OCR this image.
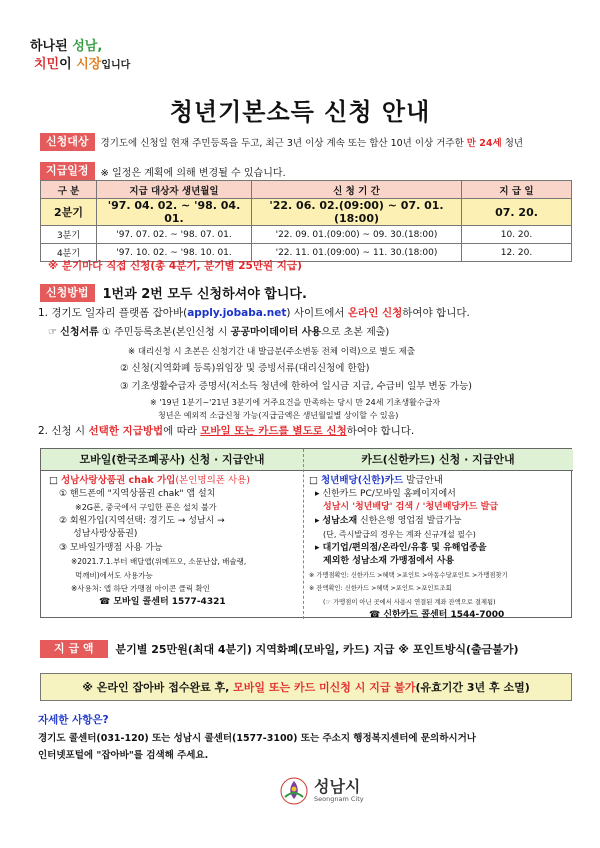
하나된 성남,
치민이 시장입니다
청년기본소득 신청 안내
신청대상	경기도에 신청일 현재 주민등록을 두고, 최근 3년 이상 계속 또는 합산 10년 이상 거주한 만 24세 청년
지급일정	※ 일정은 계획에 의해 변경될 수 있습니다.
구 분	지급 대상자 생년월일	신 청 기 간	지 급 일
2분기	'97. 04. 02. ~ '98. 04. 01.	'22. 06. 02.(09:00) ~ 07. 01.(18:00)	07. 20.
3분기	'97. 07. 02. ~ '98. 07. 01.	'22. 09. 01.(09:00) ~ 09. 30.(18:00)	10. 20.
4분기	'97. 10. 02. ~ '98. 10. 01.	'22. 11. 01.(09:00) ~ 11. 30.(18:00)	12. 20.
※ 분기마다 직접 신청(총 4분기, 분기별 25만원 지급)
신청방법	1번과 2번 모두 신청하셔야 합니다.
1. 경기도 일자리 플랫폼 잡아바(apply.jobaba.net) 사이트에서 온라인 신청하여야 합니다.
☞ 신청서류 ① 주민등록초본(본인신청 시 공공마이데이터 사용으로 초본 제출)
※ 대리신청 시 초본은 신청기간 내 발급분(주소변동 전체 이력)으로 별도 제출
② 신청(지역화폐 등록)위임장 및 증빙서류(대리신청에 한함)
③ 기초생활수급자 증명서(저소득 청년에 한하여 일시금 지급, 수급비 일부 변동 가능)
※ '19년 1분기~'21년 3분기에 거주요건을 만족하는 당시 만 24세 기초생활수급자
청년은 예외적 소급신청 가능(지급금액은 생년월일별 상이할 수 있음)
2. 신청 시 선택한 지급방법에 따라 모바일 또는 카드를 별도로 신청하여야 합니다.
모바일(한국조폐공사) 신청 · 지급안내	카드(신한카드) 신청 · 지급안내
□ 성남사랑상품권 chak 가입(본인명의폰 사용)
① 핸드폰에 "지역상품권 chak" 앱 설치
※2G폰, 중국에서 구입한 폰은 설치 불가
② 회원가입(지역선택: 경기도 → 성남시 →
성남사랑상품권)
③ 모바일가맹점 사용 가능
※2021.7.1.부터 배달앱(위메프오, 소문난샵, 배슐랭,
먹깨비)에서도 사용가능
※사용처: 앱 하단 가맹점 아이콘 클릭 확인
☎ 모바일 콜센터 1577-4321
□ 청년배당(신한)카드 발급안내
▸ 신한카드 PC/모바일 홈페이지에서
성남시 '청년배당' 검색 / '청년배당카드 발급
▸ 성남소재 신한은행 영업점 발급가능
(단, 즉시발급의 경우는 계좌 신규개설 필수)
▸ 대기업/편의점/온라인/유흥 및 유해업종을
제외한 성남소재 가맹점에서 사용
※ 가맹점확인: 신한카드 >혜택 >포인트 >아동수당포인트 >가맹점찾기
※ 잔액확인: 신한카드 >혜택 >포인트 >포인트조회
(☞ 가맹점이 아닌 곳에서 사용시 연결된 계좌 잔액으로 결제됨)
☎ 신한카드 콜센터 1544-7000
지 급 액	분기별 25만원(최대 4분기) 지역화폐(모바일, 카드) 지급 ※ 포인트방식(출금불가)
※ 온라인 잡아바 접수완료 후, 모바일 또는 카드 미신청 시 지급 불가(유효기간 3년 후 소멸)
자세한 사항은?
경기도 콜센터(031-120) 또는 성남시 콜센터(1577-3100) 또는 주소지 행정복지센터에 문의하시거나
인터넷포털에 "잡아바"를 검색해 주세요.
성남시
Seongnam City
